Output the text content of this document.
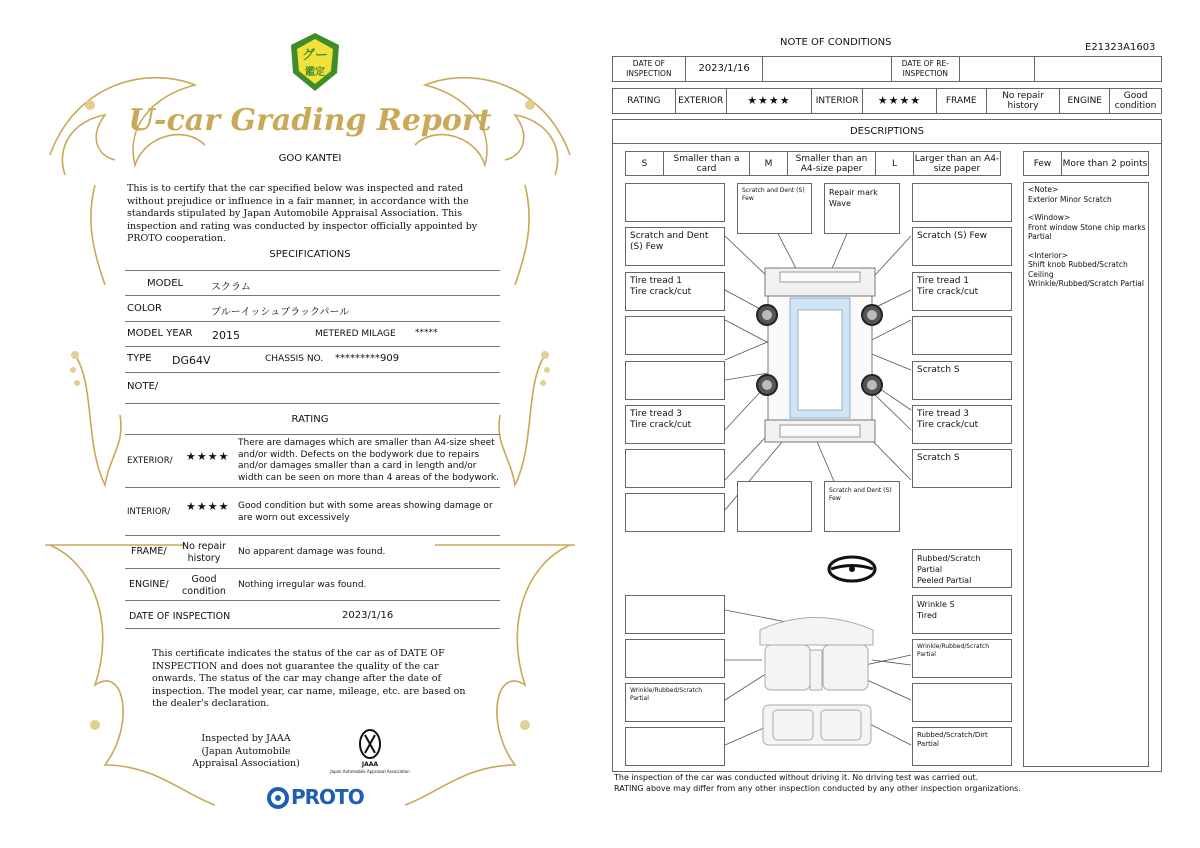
グー
鑑定
U-car Grading Report
GOO KANTEI
This is to certify that the car specified below was inspected and rated without prejudice or influence in a fair manner, in accordance with the standards stipulated by Japan Automobile Appraisal Association. This inspection and rating was conducted by inspector officially appointed by PROTO cooperation.
SPECIFICATIONS
MODEL	スクラム
COLOR	ブルーイッシュブラックパール
MODEL YEAR 2015	METERED MILAGE *****
TYPE DG64V	CHASSIS NO. *********909
NOTE/
RATING
EXTERIOR/ ★★★★
There are damages which are smaller than A4-size sheet and/or width. Defects on the bodywork due to repairs and/or damages smaller than a card in length and/or width can be seen on more than 4 areas of the bodywork.
INTERIOR/ ★★★★ Good condition but with some areas showing damage or are worn out excessively
FRAME/	No repair history
No apparent damage was found.
ENGINE/	Good condition
Nothing irregular was found.
DATE OF INSPECTION	2023/1/16
This certificate indicates the status of the car as of DATE OF INSPECTION and does not guarantee the quality of the car onwards. The status of the car may change after the date of inspection. The model year, car name, mileage, etc. are based on the dealer's declaration.
Inspected by JAAA (Japan Automobile Appraisal Association)	JAAA
Japan Automobile Appraisal Association
PROTO
NOTE OF CONDITIONS	E21323A1603
DATE OF INSPECTION	2023/1/16	DATE OF RE-INSPECTION
RATING	EXTERIOR	★★★★	INTERIOR	★★★★	FRAME	No repair history	ENGINE	Good condition
DESCRIPTIONS
S	Smaller than a card	M	Smaller than an A4-size paper	L	Larger than an A4-size paper	Few	More than 2 points
<Note>
Exterior Minor Scratch
<Window>
Front window Stone chip marks Partial
<Interior>
Shift knob Rubbed/Scratch
Ceiling
Wrinkle/Rubbed/Scratch Partial
Scratch and Dent (S) Few
Tire tread 1
Tire crack/cut
Tire tread 3
Tire crack/cut
Wrinkle/Rubbed/Scratch Partial
Scratch and Dent (S) Few
Repair mark Wave
Scratch and Dent (S) Few
Scratch (S) Few
Tire tread 1
Tire crack/cut
Scratch S
Tire tread 3
Tire crack/cut
Scratch S
Rubbed/Scratch Partial
Peeled Partial
Wrinkle S
Tired
Wrinkle/Rubbed/Scratch Partial
Rubbed/Scratch/Dirt Partial
The inspection of the car was conducted without driving it. No driving test was carried out.
RATING above may differ from any other inspection conducted by any other inspection organizations.
